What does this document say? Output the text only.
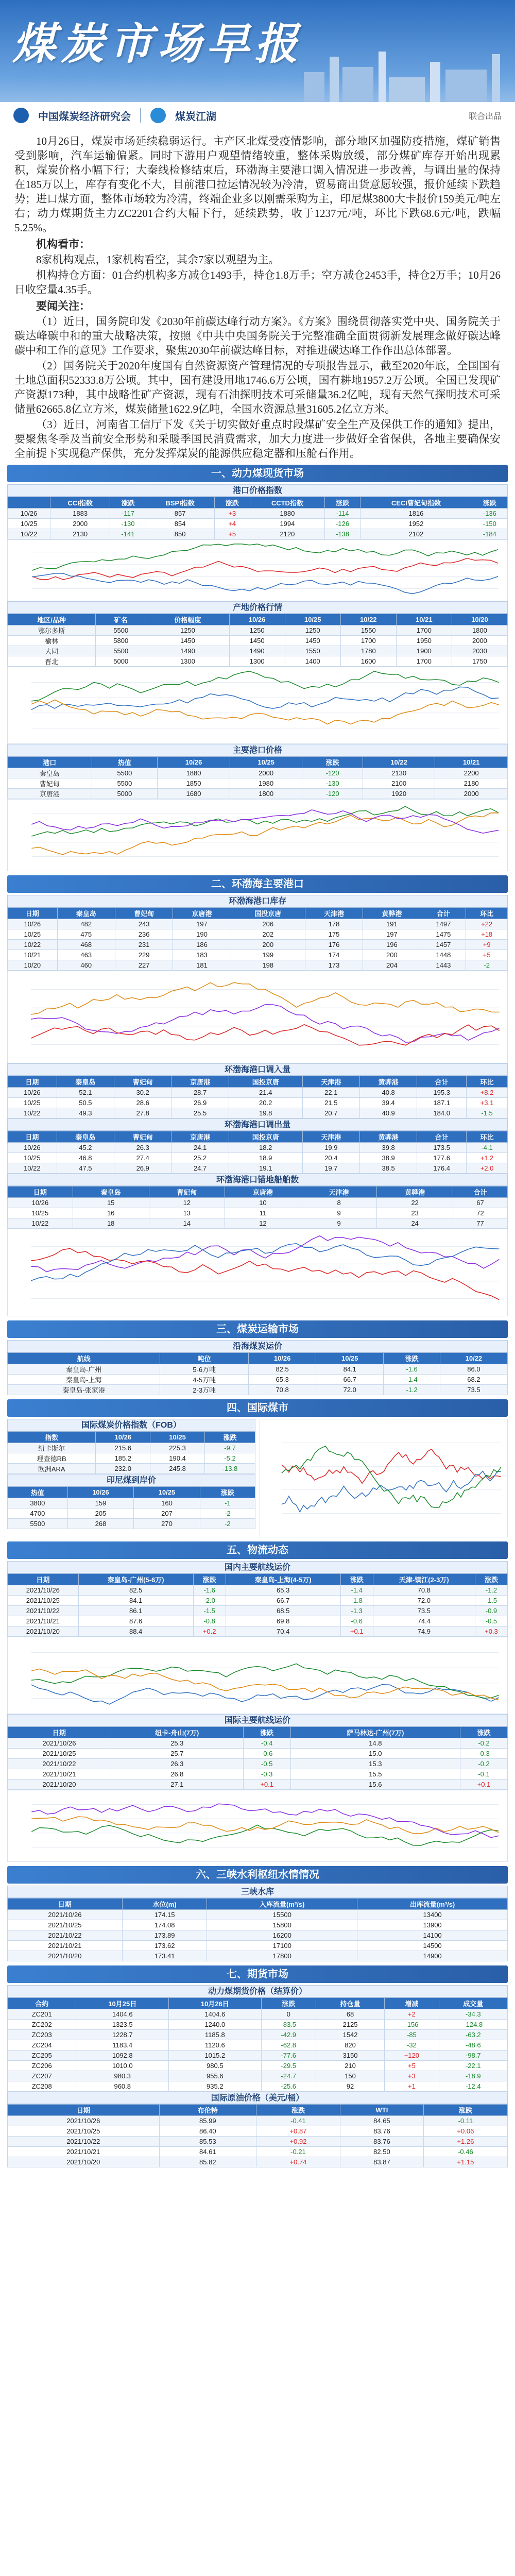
煤炭市场早报
中国煤炭经济研究会	煤炭江湖	联合出品

10月26日，煤炭市场延续稳弱运行。主产区北煤受疫情影响，部分地区加强防疫措施，煤矿销售受到影响，汽车运输偏紧。同时下游用户观望情绪较重，整体采购放缓，部分煤矿库存开始出现累积，煤炭价格小幅下行；大秦线检修结束后，环渤海主要港口调入情况进一步改善，与调出量的保持在185万以上，库存有变化不大，目前港口拉运情况较为冷清，贸易商出货意愿较强，报价延续下跌趋势；进口煤方面，整体市场较为冷清，终端企业多以刚需采购为主，印尼煤3800大卡报价159美元/吨左右；动力煤期货主力ZC2201合约大幅下行，延续跌势，收于1237元/吨，环比下跌68.6元/吨，跌幅5.25%。

机构看市：

8家机构观点，1家机构看空，其余7家以观望为主。

机构持仓方面：01合约机构多方减仓1493手，持仓1.8万手；空方减仓2453手，持仓2万手；10月26日收空量4.35手。

要闻关注：

（1）近日，国务院印发《2030年前碳达峰行动方案》。《方案》围绕贯彻落实党中央、国务院关于碳达峰碳中和的重大战略决策，按照《中共中央国务院关于完整准确全面贯彻新发展理念做好碳达峰碳中和工作的意见》工作要求，聚焦2030年前碳达峰目标，对推进碳达峰工作作出总体部署。

（2）国务院关于2020年度国有自然资源资产管理情况的专项报告显示，截至2020年底，全国国有土地总面积52333.8万公顷。其中，国有建设用地1746.6万公顷，国有耕地1957.2万公顷。全国已发现矿产资源173种，其中战略性矿产资源，现有石油探明技术可采储量36.2亿吨，现有天然气探明技术可采储量62665.8亿立方米，煤炭储量1622.9亿吨，全国水资源总量31605.2亿立方米。

（3）近日，河南省工信厅下发《关于切实做好重点时段煤矿安全生产及保供工作的通知》提出，要聚焦冬季及当前安全形势和采暖季国民消费需求，加大力度进一步做好全省保供，各地主要确保安全前提下实现稳产保供，充分发挥煤炭的能源供应稳定器和压舱石作用。

一、动力煤现货市场
港口价格指数
	CCI指数	涨跌	BSPI指数	涨跌	CCTD指数	涨跌	CECI曹妃甸指数	涨跌
10/26	1883	-117	857	+3	1880	-114	1816	-136
10/25	2000	-130	854	+4	1994	-126	1952	-150
10/22	2130	-141	850	+5	2120	-138	2102	-184
产地价格行情
地区/品种	矿名	价格幅度	10/26	10/25	10/22	10/21	10/20
鄂尔多斯	5500	1250	1250	1250	1550	1700	1800
榆林	5800	1450	1450	1450	1700	1950	2000
大同	5500	1490	1490	1550	1780	1900	2030
晋北	5000	1300	1300	1400	1600	1700	1750
主要港口价格
港口	热值	10/26	10/25	涨跌	10/22	10/21
秦皇岛	5500	1880	2000	-120	2130	2200
曹妃甸	5500	1850	1980	-130	2100	2180
京唐港	5000	1680	1800	-120	1920	2000
二、环渤海主要港口
环渤海港口库存
日期	秦皇岛	曹妃甸	京唐港	国投京唐	天津港	黄骅港	合计	环比
10/26	482	243	197	206	178	191	1497	+22
10/25	475	236	190	202	175	197	1475	+18
10/22	468	231	186	200	176	196	1457	+9
10/21	463	229	183	199	174	200	1448	+5
10/20	460	227	181	198	173	204	1443	-2
环渤海港口调入量
日期	秦皇岛	曹妃甸	京唐港	国投京唐	天津港	黄骅港	合计	环比
10/26	52.1	30.2	28.7	21.4	22.1	40.8	195.3	+8.2
10/25	50.5	28.6	26.9	20.2	21.5	39.4	187.1	+3.1
10/22	49.3	27.8	25.5	19.8	20.7	40.9	184.0	-1.5
环渤海港口调出量
日期	秦皇岛	曹妃甸	京唐港	国投京唐	天津港	黄骅港	合计	环比
10/26	45.2	26.3	24.1	18.2	19.9	39.8	173.5	-4.1
10/25	46.8	27.4	25.2	18.9	20.4	38.9	177.6	+1.2
10/22	47.5	26.9	24.7	19.1	19.7	38.5	176.4	+2.0
环渤海港口锚地船舶数
日期	秦皇岛	曹妃甸	京唐港	天津港	黄骅港	合计
10/26	15	12	10	8	22	67
10/25	16	13	11	9	23	72
10/22	18	14	12	9	24	77
三、煤炭运输市场
沿海煤炭运价
航线	吨位	10/26	10/25	涨跌	10/22
秦皇岛-广州	5-6万吨	82.5	84.1	-1.6	86.0
秦皇岛-上海	4-5万吨	65.3	66.7	-1.4	68.2
秦皇岛-张家港	2-3万吨	70.8	72.0	-1.2	73.5
四、国际煤市
国际煤炭价格指数（FOB）
指数	10/26	10/25	涨跌
纽卡斯尔	215.6	225.3	-9.7
理查德RB	185.2	190.4	-5.2
欧洲ARA	232.0	245.8	-13.8
印尼煤到岸价
热值	10/26	10/25	涨跌
3800	159	160	-1
4700	205	207	-2
5500	268	270	-2
五、物流动态
国内主要航线运价
日期	秦皇岛-广州(5-6万)	涨跌	秦皇岛-上海(4-5万)	涨跌	天津-镇江(2-3万)	涨跌
2021/10/26	82.5	-1.6	65.3	-1.4	70.8	-1.2
2021/10/25	84.1	-2.0	66.7	-1.8	72.0	-1.5
2021/10/22	86.1	-1.5	68.5	-1.3	73.5	-0.9
2021/10/21	87.6	-0.8	69.8	-0.6	74.4	-0.5
2021/10/20	88.4	+0.2	70.4	+0.1	74.9	+0.3
国际主要航线运价
日期	纽卡-舟山(7万)	涨跌	萨马林达-广州(7万)	涨跌
2021/10/26	25.3	-0.4	14.8	-0.2
2021/10/25	25.7	-0.6	15.0	-0.3
2021/10/22	26.3	-0.5	15.3	-0.2
2021/10/21	26.8	-0.3	15.5	-0.1
2021/10/20	27.1	+0.1	15.6	+0.1
六、三峡水利枢纽水情情况
三峡水库
日期	水位(m)	入库流量(m³/s)	出库流量(m³/s)
2021/10/26	174.15	15500	13400
2021/10/25	174.08	15800	13900
2021/10/22	173.89	16200	14100
2021/10/21	173.62	17100	14500
2021/10/20	173.41	17800	14900
七、期货市场
动力煤期货价格（结算价）
合约	10月25日	10月26日	涨跌	持仓量	增减	成交量
ZC201	1404.6	1404.6	0	68	+2	-34.3
ZC202	1323.5	1240.0	-83.5	2125	-156	-124.8
ZC203	1228.7	1185.8	-42.9	1542	-85	-63.2
ZC204	1183.4	1120.6	-62.8	820	-32	-48.6
ZC205	1092.8	1015.2	-77.6	3150	+120	-98.7
ZC206	1010.0	980.5	-29.5	210	+5	-22.1
ZC207	980.3	955.6	-24.7	150	+3	-18.9
ZC208	960.8	935.2	-25.6	92	+1	-12.4
国际原油价格（美元/桶）
日期	布伦特	涨跌	WTI	涨跌
2021/10/26	85.99	-0.41	84.65	-0.11
2021/10/25	86.40	+0.87	83.76	+0.06
2021/10/22	85.53	+0.92	83.76	+1.26
2021/10/21	84.61	-0.21	82.50	-0.46
2021/10/20	85.82	+0.74	83.87	+1.15
